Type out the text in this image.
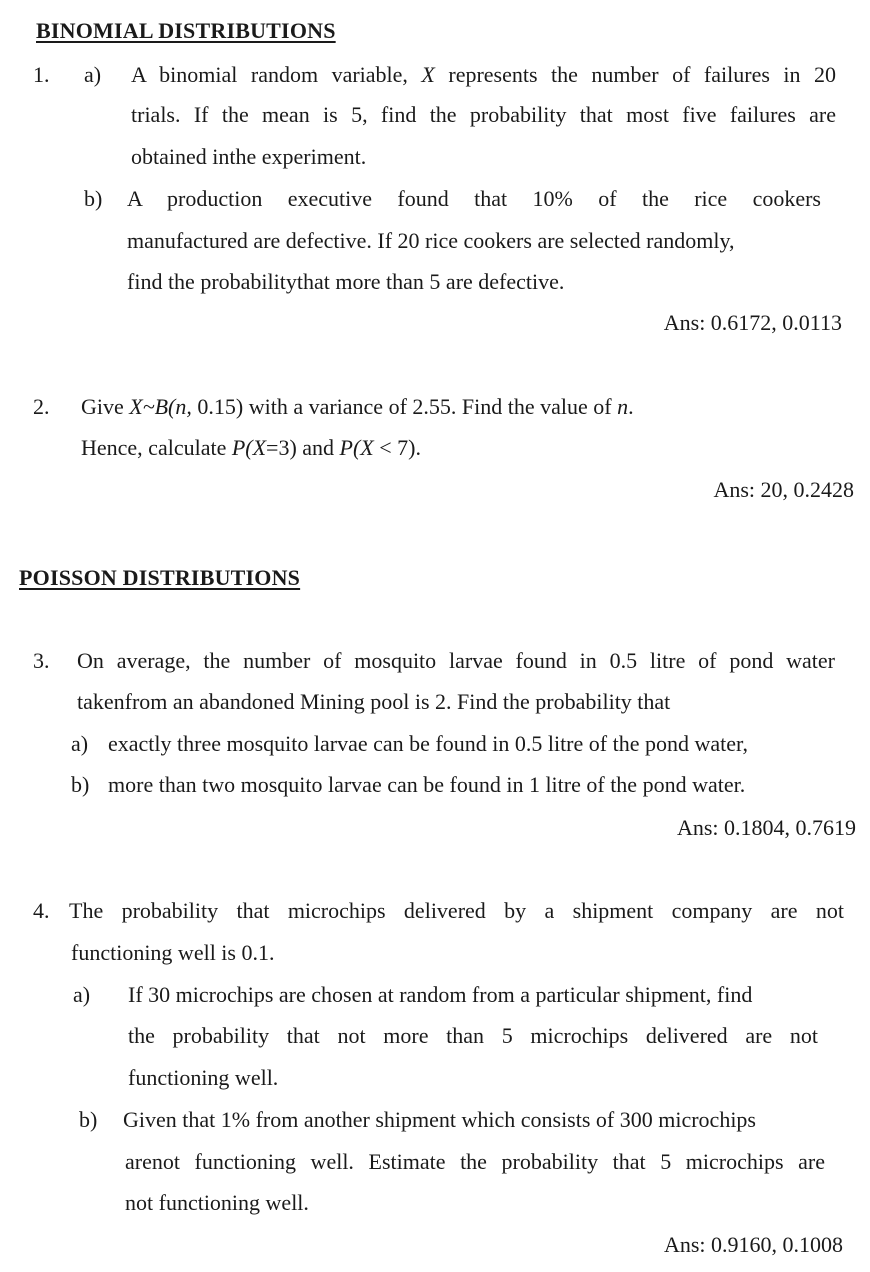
BINOMIAL DISTRIBUTIONS
1. a) A binomial random variable, X represents the number of failures in 20
trials. If the mean is 5, find the probability that most five failures are
obtained inthe experiment.
b) A production executive found that 10% of the rice cookers
manufactured are defective. If 20 rice cookers are selected randomly,
find the probabilitythat more than 5 are defective.
Ans: 0.6172, 0.0113
2. Give X~B(n, 0.15) with a variance of 2.55. Find the value of n.
Hence, calculate P(X=3) and P(X < 7).
Ans: 20, 0.2428
POISSON DISTRIBUTIONS
3. On average, the number of mosquito larvae found in 0.5 litre of pond water
takenfrom an abandoned Mining pool is 2. Find the probability that
a) exactly three mosquito larvae can be found in 0.5 litre of the pond water,
b) more than two mosquito larvae can be found in 1 litre of the pond water.
Ans: 0.1804, 0.7619
4. The probability that microchips delivered by a shipment company are not
functioning well is 0.1.
a) If 30 microchips are chosen at random from a particular shipment, find
the probability that not more than 5 microchips delivered are not
functioning well.
b) Given that 1% from another shipment which consists of 300 microchips
arenot functioning well. Estimate the probability that 5 microchips are
not functioning well.
Ans: 0.9160, 0.1008
